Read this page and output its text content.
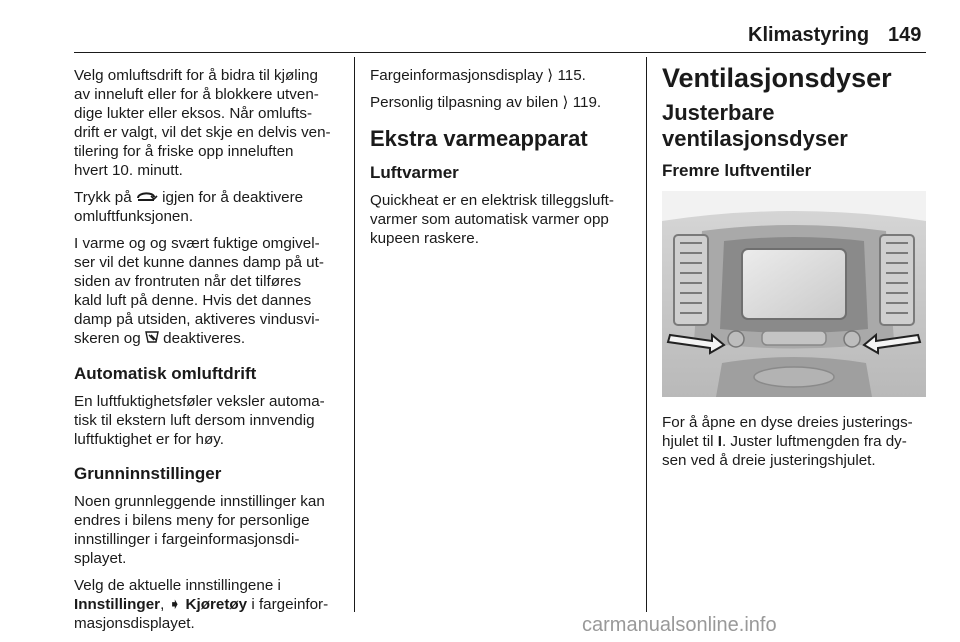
Klimastyring 149

Velg omluftsdrift for å bidra til kjøling
av inneluft eller for å blokkere utven-
dige lukter eller eksos. Når omlufts-
drift er valgt, vil det skje en delvis ven-
tilering for å friske opp inneluften
hvert 10. minutt.

Trykk på igjen for å deaktivere
omluftfunksjonen.

I varme og og svært fuktige omgivel-
ser vil det kunne dannes damp på ut-
siden av frontruten når det tilføres
kald luft på denne. Hvis det dannes
damp på utsiden, aktiveres vindusvi-
skeren og deaktiveres.

Automatisk omluftdrift

En luftfuktighetsføler veksler automa-
tisk til ekstern luft dersom innvendig
luftfuktighet er for høy.

Grunninnstillinger

Noen grunnleggende innstillinger kan
endres i bilens meny for personlige
innstillinger i fargeinformasjonsdi-
splayet.

Velg de aktuelle innstillingene i
Innstillinger, ➧ Kjøretøy i fargeinfor-
masjonsdisplayet.

Fargeinformasjonsdisplay ⟩ 115.

Personlig tilpasning av bilen ⟩ 119.

Ekstra varmeapparat
Luftvarmer

Quickheat er en elektrisk tilleggsluft-
varmer som automatisk varmer opp
kupeen raskere.

Ventilasjonsdyser
Justerbare
ventilasjonsdyser
Fremre luftventiler

For å åpne en dyse dreies justerings-
hjulet til I. Juster luftmengden fra dy-
sen ved å dreie justeringshjulet.

carmanualsonline.info
